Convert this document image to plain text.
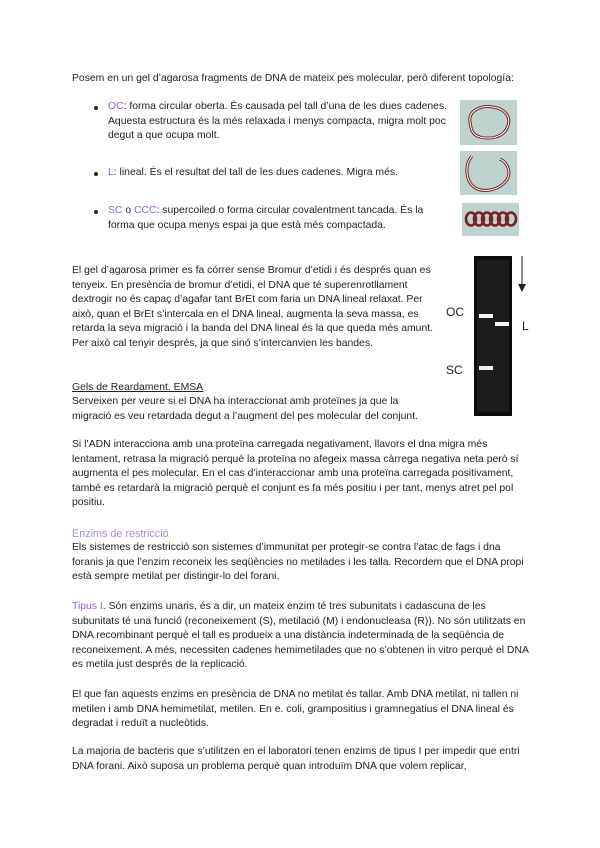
Posem en un gel d’agarosa fragments de DNA de mateix pes molecular, però diferent topología:

OC: forma circular oberta. És causada pel tall d’una de les dues cadenes. Aquesta estructura és la més relaxada i menys compacta, migra molt poc degut a que ocupa molt.

L: lineal. És el resultat del tall de les dues cadenes. Migra més.

SC o CCC: supercoiled o forma circular covalentment tancada. És la forma que ocupa menys espai ja que està més compactada.

El gel d’agarosa primer es fa córrer sense Bromur d’etidi i és després quan es tenyeix. En presència de bromur d’etidi, el DNA que té superenrotllament dextrogir no és capaç d’agafar tant BrEt com faria un DNA lineal relaxat. Per això, quan el BrEt s’intercala en el DNA lineal, augmenta la seva massa, es retarda la seva migració i la banda del DNA lineal és la que queda més amunt. Per això cal tenyir després, ja que sinó s’intercanvien les bandes.

OC
SC
L

Gels de Reardament. EMSA

Serveixen per veure si el DNA ha interaccionat amb proteïnes ja que la migració es veu retardada degut a l’augment del pes molecular del conjunt.

Si l’ADN interacciona amb una proteïna carregada negativament, llavors el dna migra més lentament, retrasa la migració perquè la proteïna no afegeix massa càrrega negativa neta però sí augmenta el pes molecular. En el cas d’interaccionar amb una proteïna carregada positivament, també es retardarà la migració perquè el conjunt es fa més positiu i per tant, menys atret pel pol positiu.

Enzims de restricció

Els sistemes de restricció son sistemes d’immunitat per protegir-se contra l’atac de fags i dna foranis ja que l’enzim reconeix les seqüències no metilades i les talla. Recordem que el DNA propi està sempre metilat per distingir-lo del forani.

Tipus I. Són enzims unaris, és a dir, un mateix enzim té tres subunitats i cadascuna de les subunitats té una funció (reconeixement (S), metilació (M) i endonucleasa (R)). No són utilitzats en DNA recombinant perquè el tall es produeix a una distància indeterminada de la seqüència de reconeixement. A més, necessiten cadenes hemimetilades que no s’obtenen in vitro perquè el DNA es metila just després de la replicació.

El que fan aquests enzims en presència de DNA no metilat és tallar. Amb DNA metilat, ni tallen ni metilen i amb DNA hemimetilat, metilen. En e. coli, grampositius i gramnegatius el DNA lineal és degradat i reduït a nucleòtids.

La majoria de bacteris que s’utilitzen en el laboratori tenen enzims de tipus I per impedir que entri DNA forani. Això suposa un problema perquè quan introduïm DNA que volem replicar,
